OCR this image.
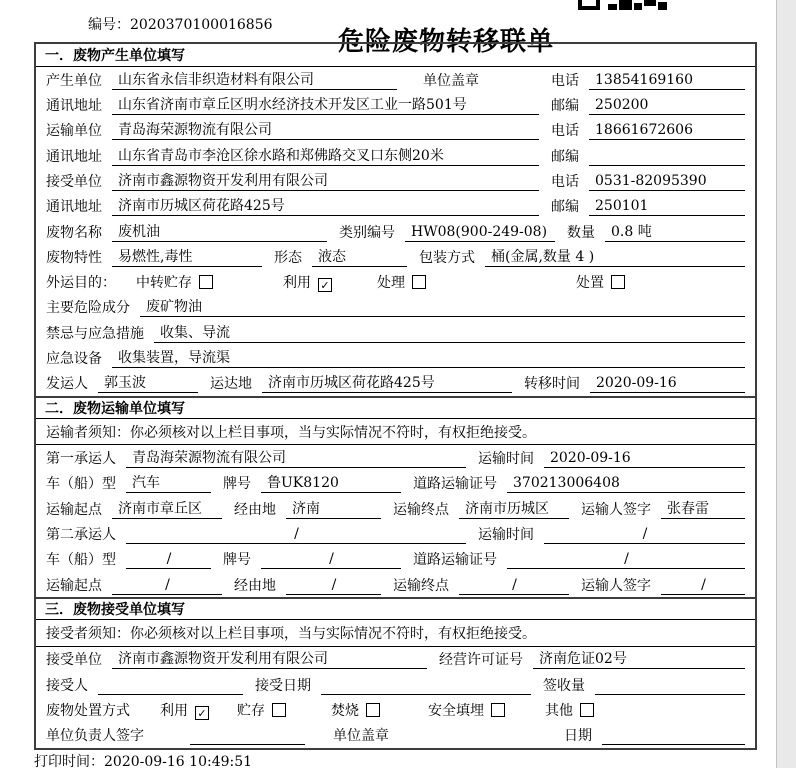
编号：2020370100016856
危险废物转移联单
一．废物产生单位填写
产生单位	山东省永信非织造材料有限公司	单位盖章	电话	13854169160
通讯地址	山东省济南市章丘区明水经济技术开发区工业一路501号	邮编	250200
运输单位	青岛海荣源物流有限公司	电话	18661672606
通讯地址	山东省青岛市李沧区徐水路和郑佛路交叉口东侧20米	邮编
接受单位	济南市鑫源物资开发利用有限公司	电话	0531-82095390
通讯地址	济南市历城区荷花路425号	邮编	250101
废物名称	废机油	类别编号	HW08(900-249-08)	数量	0.8 吨
废物特性	易燃性,毒性	形态	液态	包装方式	桶(金属,数量 4 )
外运目的： 中转贮存	利用 ✓	处理	处置
主要危险成分	废矿物油
禁忌与应急措施	收集、导流
应急设备	收集装置，导流渠
发运人	郭玉波	运达地	济南市历城区荷花路425号	转移时间	2020-09-16
二．废物运输单位填写
运输者须知： 你必须核对以上栏目事项，当与实际情况不符时，有权拒绝接受。
第一承运人	青岛海荣源物流有限公司	运输时间	2020-09-16
车（船）型	汽车	牌号	鲁UK8120	道路运输证号	370213006408
运输起点	济南市章丘区	经由地	济南	运输终点	济南市历城区	运输人签字	张春雷
第二承运人	/	运输时间	/
车（船）型	/	牌号	/	道路运输证号	/
运输起点	/	经由地	/	运输终点	/	运输人签字	/
三．废物接受单位填写
接受者须知： 你必须核对以上栏目事项，当与实际情况不符时，有权拒绝接受。
接受单位	济南市鑫源物资开发利用有限公司	经营许可证号	济南危证02号
接受人	接受日期	签收量
废物处置方式 利用 ✓ 贮存	焚烧	安全填埋	其他
单位负责人签字	单位盖章	日期
打印时间：2020-09-16 10:49:51
